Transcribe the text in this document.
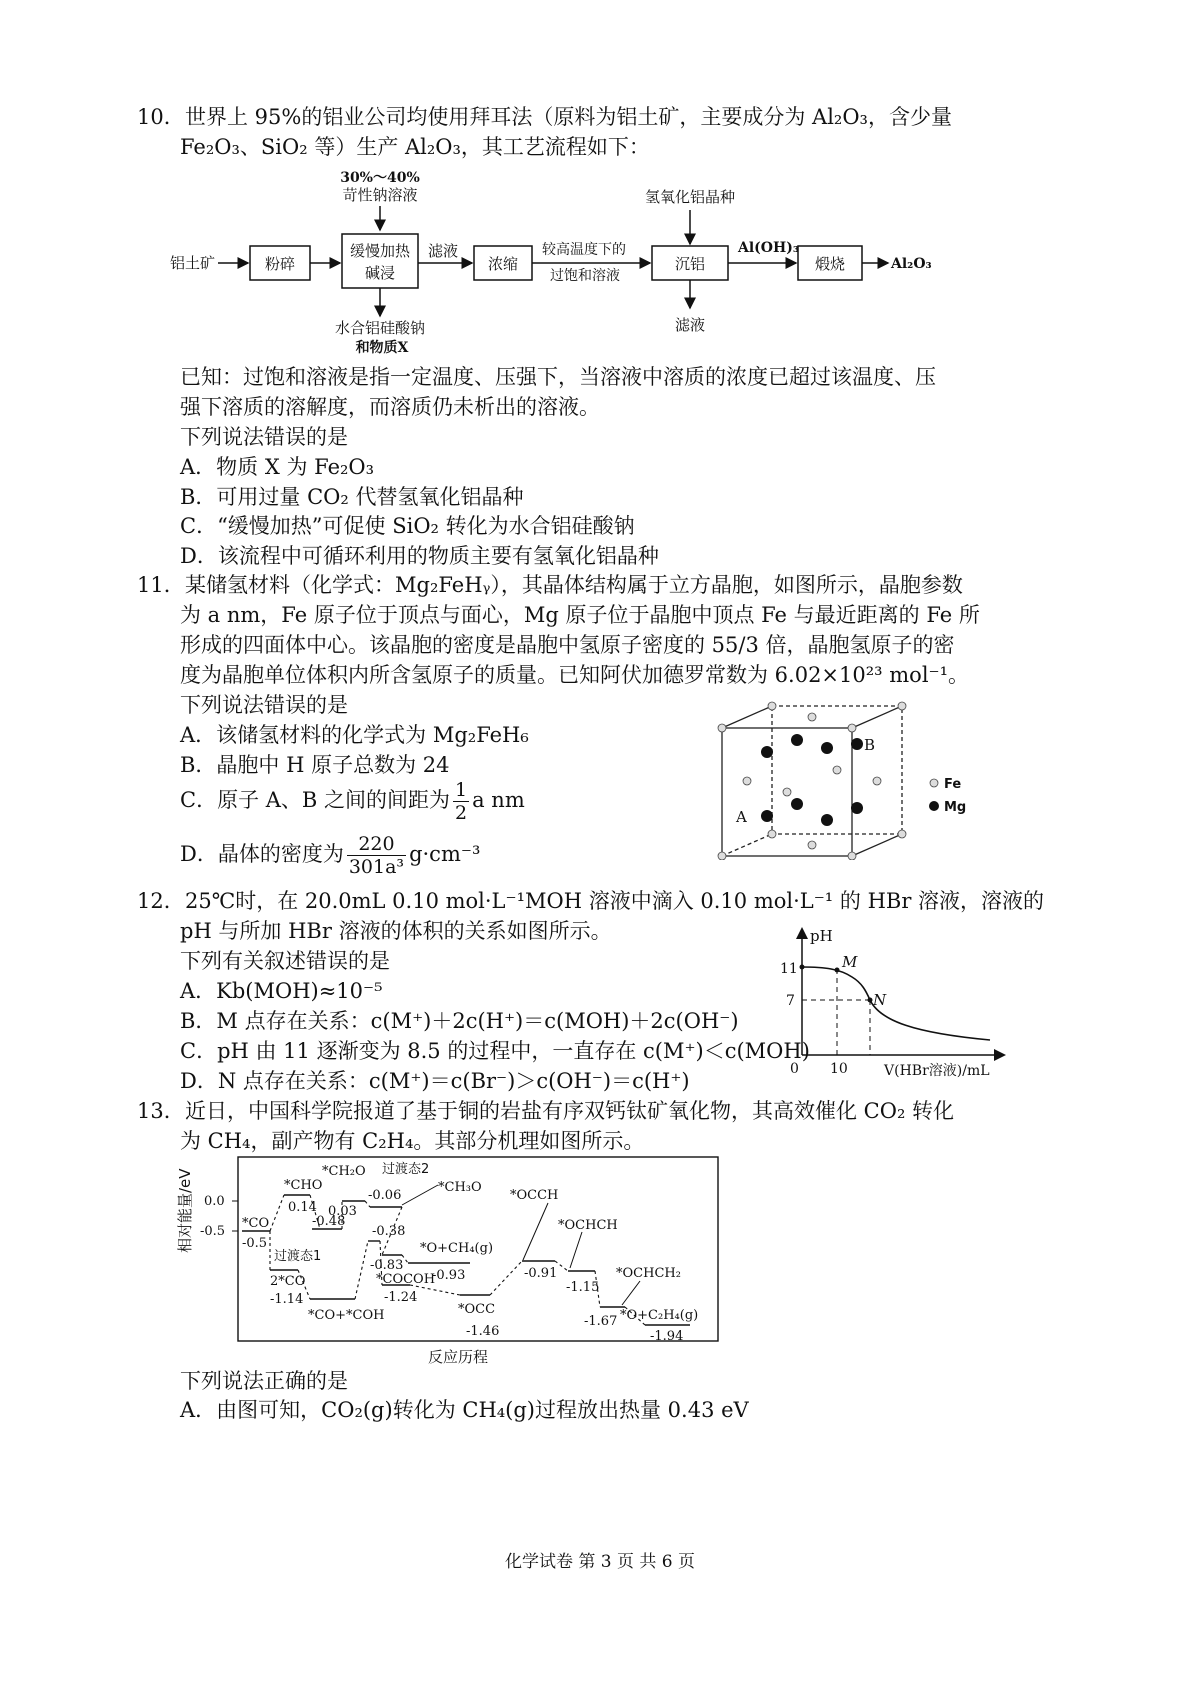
10．世界上 95%的铝业公司均使用拜耳法（原料为铝土矿，主要成分为 Al₂O₃，含少量
Fe₂O₃、SiO₂ 等）生产 Al₂O₃，其工艺流程如下：
30%～40%
苛性钠溶液
铝土矿	粉碎
缓慢加热
碱浸
水合铝硅酸钠
和物质X
滤液
浓缩
较高温度下的
过饱和溶液
氢氧化铝晶种
沉铝
滤液
Al(OH)₃
煅烧	Al₂O₃
已知：过饱和溶液是指一定温度、压强下，当溶液中溶质的浓度已超过该温度、压
强下溶质的溶解度，而溶质仍未析出的溶液。
下列说法错误的是
A．物质 X 为 Fe₂O₃
B．可用过量 CO₂ 代替氢氧化铝晶种
C．“缓慢加热”可促使 SiO₂ 转化为水合铝硅酸钠
D．该流程中可循环利用的物质主要有氢氧化铝晶种
11．某储氢材料（化学式：Mg₂FeHᵧ），其晶体结构属于立方晶胞，如图所示，晶胞参数
为 a nm，Fe 原子位于顶点与面心，Mg 原子位于晶胞中顶点 Fe 与最近距离的 Fe 所
形成的四面体中心。该晶胞的密度是晶胞中氢原子密度的 55/3 倍，晶胞氢原子的密
度为晶胞单位体积内所含氢原子的质量。已知阿伏加德罗常数为 6.02×10²³ mol⁻¹。
下列说法错误的是
A．该储氢材料的化学式为 Mg₂FeH₆
B．晶胞中 H 原子总数为 24
C．原子 A、B 之间的间距为 $\frac{1}{2}$ a nm
D．晶体的密度为 $\frac{220}{\text{301a³}} g\cdot cm^{-3}$
B
A
Fe
Mg
12．25℃时，在 20.0mL 0.10 mol·L⁻¹MOH 溶液中滴入 0.10 mol·L⁻¹ 的 HBr 溶液，溶液的
pH 与所加 HBr 溶液的体积的关系如图所示。
下列有关叙述错误的是
A．Kb(MOH)≈10⁻⁵
B．M 点存在关系：c(M⁺)＋2c(H⁺)＝c(MOH)＋2c(OH⁻)
C．pH 由 11 逐渐变为 8.5 的过程中，一直存在 c(M⁺)＜c(MOH)
D．N 点存在关系：c(M⁺)＝c(Br⁻)＞c(OH⁻)＝c(H⁺)
pH
11
7
0 10	V(HBr溶液)/mL
M
N
13．近日，中国科学院报道了基于铜的岩盐有序双钙钛矿氧化物，其高效催化 CO₂ 转化
为 CH₄，副产物有 C₂H₄。其部分机理如图所示。
相对能量/eV 0.0
-0.5
反应历程
*CO
-0.5
*CHO
0.14
*CH₂O
0.03
过渡态2
-0.06
*CH₃O
-0.48
-0.38
过渡态1
-0.83
*O+CH₄(g)
-0.93
2*CO
-1.14
*COCOH
-1.24
*CO+*COH	*OCC
-1.46
*OCCH
-0.91
*OCHCH
-1.15
*OCHCH₂
*O+C₂H₄(g)
-1.67
-1.94
下列说法正确的是
A．由图可知，CO₂(g)转化为 CH₄(g)过程放出热量 0.43 eV
化学试卷 第 3 页 共 6 页
